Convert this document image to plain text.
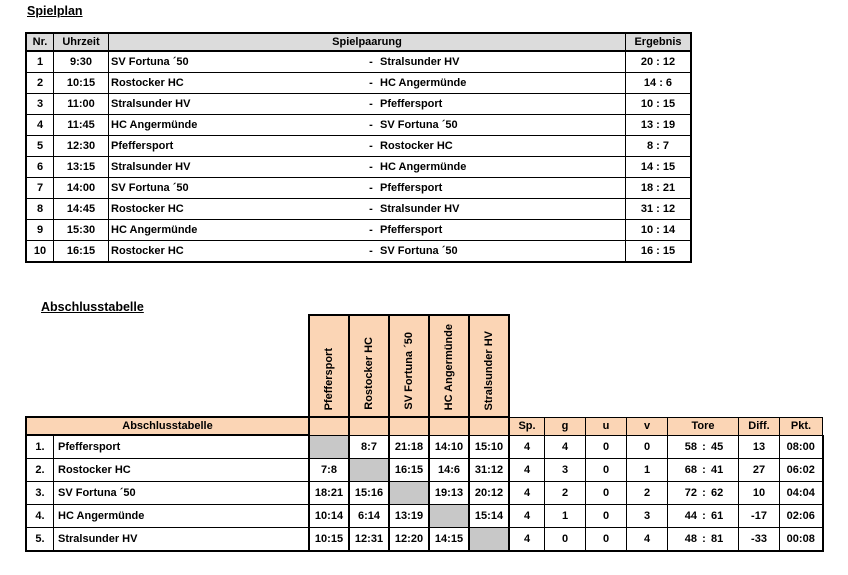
Spielplan
Nr.	Uhrzeit	Spielpaarung			Ergebnis
1	9:30	SV Fortuna ´50	-	Stralsunder HV	20 : 12
2	10:15	Rostocker HC	-	HC Angermünde	14 : 6
3	11:00	Stralsunder HV	-	Pfeffersport	10 : 15
4	11:45	HC Angermünde	-	SV Fortuna ´50	13 : 19
5	12:30	Pfeffersport	-	Rostocker HC	8 : 7
6	13:15	Stralsunder HV	-	HC Angermünde	14 : 15
7	14:00	SV Fortuna ´50	-	Pfeffersport	18 : 21
8	14:45	Rostocker HC	-	Stralsunder HV	31 : 12
9	15:30	HC Angermünde	-	Pfeffersport	10 : 14
10	16:15	Rostocker HC	-	SV Fortuna ´50	16 : 15
Abschlusstabelle

		Pfeffersport	Rostocker HC	SV Fortuna ´50	HC Angermünde	Stralsunder HV							

Abschlusstabelle							Sp.	g	u	v	Tore	Diff.	Pkt.
1.	Pfeffersport		8:7	21:18	14:10	15:10	4	4	0	0	58 : 45	13	08:00
2.	Rostocker HC	7:8		16:15	14:6	31:12	4	3	0	1	68 : 41	27	06:02
3.	SV Fortuna ´50	18:21	15:16		19:13	20:12	4	2	0	2	72 : 62	10	04:04
4.	HC Angermünde	10:14	6:14	13:19		15:14	4	1	0	3	44 : 61	-17	02:06
5.	Stralsunder HV	10:15	12:31	12:20	14:15		4	0	0	4	48 : 81	-33	00:08
